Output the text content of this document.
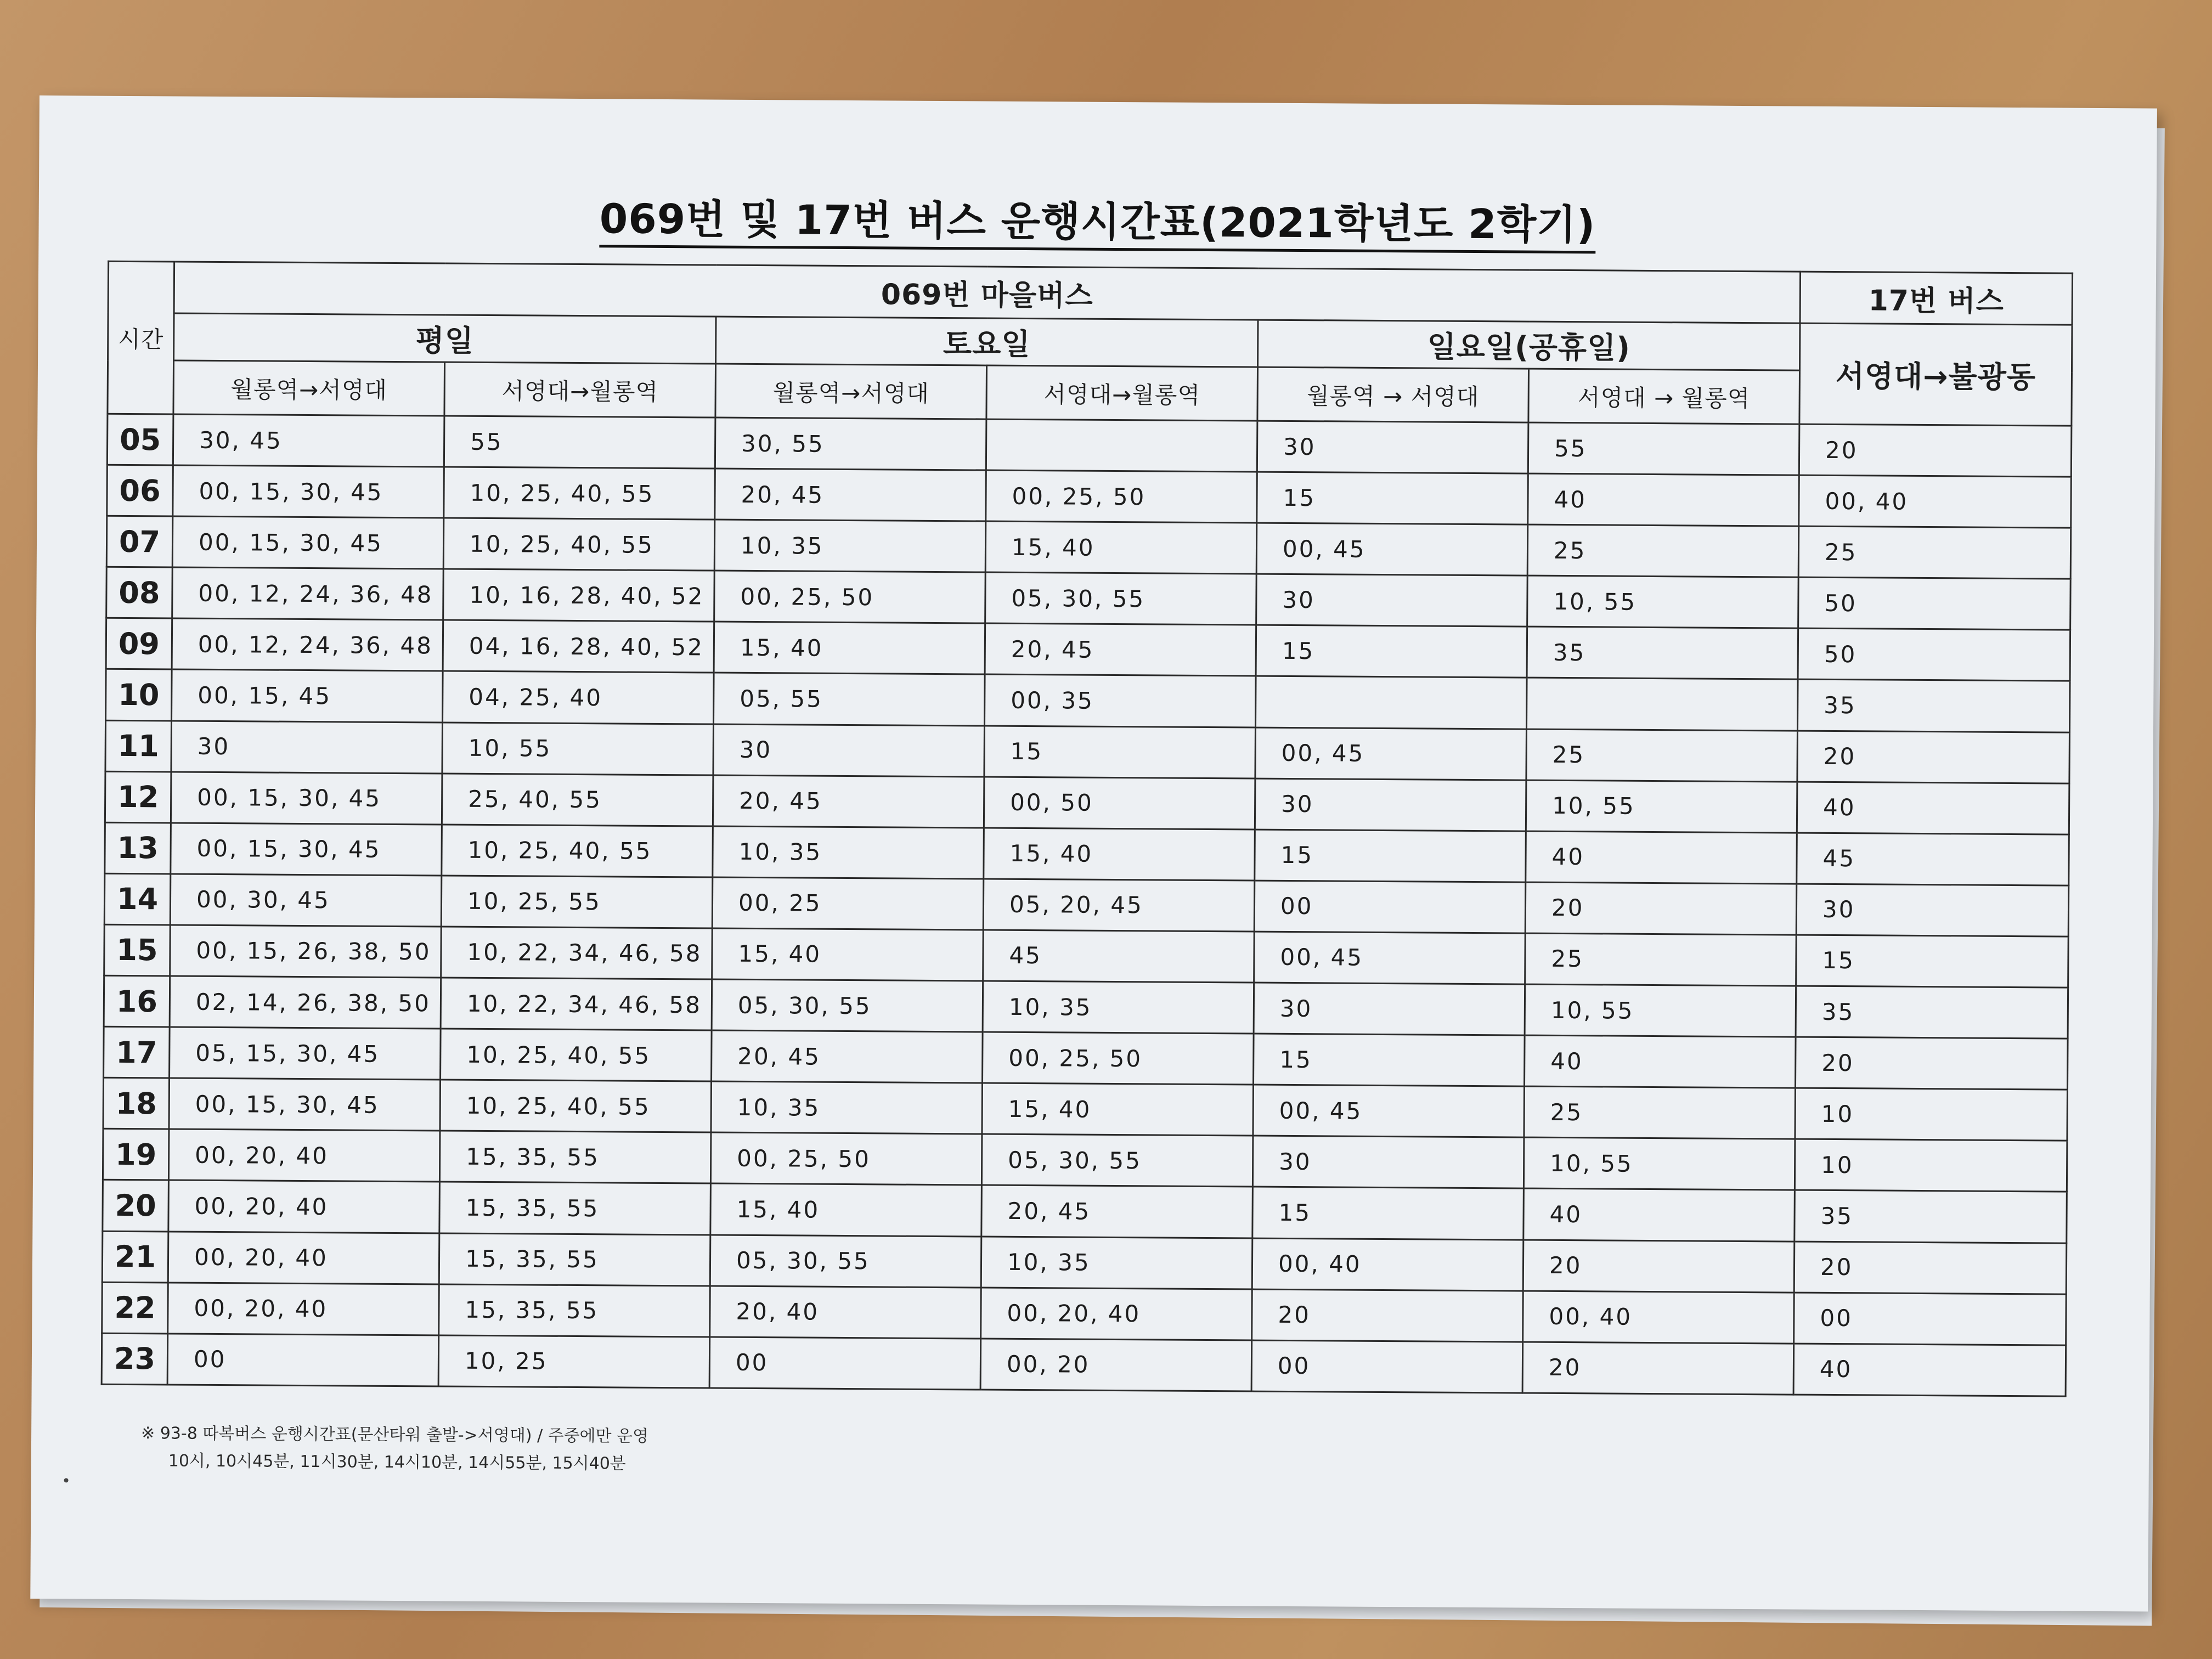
069번 및 17번 버스 운행시간표(2021학년도 2학기)
시간	069번 마을버스						17번 버스
	평일		토요일		일요일(공휴일)		서영대→불광동
	월롱역→서영대	서영대→월롱역	월롱역→서영대	서영대→월롱역	월롱역 → 서영대	서영대 → 월롱역	
05	30, 45	55	30, 55		30	55	20
06	00, 15, 30, 45	10, 25, 40, 55	20, 45	00, 25, 50	15	40	00, 40
07	00, 15, 30, 45	10, 25, 40, 55	10, 35	15, 40	00, 45	25	25
08	00, 12, 24, 36, 48	10, 16, 28, 40, 52	00, 25, 50	05, 30, 55	30	10, 55	50
09	00, 12, 24, 36, 48	04, 16, 28, 40, 52	15, 40	20, 45	15	35	50
10	00, 15, 45	04, 25, 40	05, 55	00, 35			35
11	30	10, 55	30	15	00, 45	25	20
12	00, 15, 30, 45	25, 40, 55	20, 45	00, 50	30	10, 55	40
13	00, 15, 30, 45	10, 25, 40, 55	10, 35	15, 40	15	40	45
14	00, 30, 45	10, 25, 55	00, 25	05, 20, 45	00	20	30
15	00, 15, 26, 38, 50	10, 22, 34, 46, 58	15, 40	45	00, 45	25	15
16	02, 14, 26, 38, 50	10, 22, 34, 46, 58	05, 30, 55	10, 35	30	10, 55	35
17	05, 15, 30, 45	10, 25, 40, 55	20, 45	00, 25, 50	15	40	20
18	00, 15, 30, 45	10, 25, 40, 55	10, 35	15, 40	00, 45	25	10
19	00, 20, 40	15, 35, 55	00, 25, 50	05, 30, 55	30	10, 55	10
20	00, 20, 40	15, 35, 55	15, 40	20, 45	15	40	35
21	00, 20, 40	15, 35, 55	05, 30, 55	10, 35	00, 40	20	20
22	00, 20, 40	15, 35, 55	20, 40	00, 20, 40	20	00, 40	00
23	00	10, 25	00	00, 20	00	20	40
※ 93-8 따복버스 운행시간표(문산타워 출발->서영대) / 주중에만 운영
10시, 10시45분, 11시30분, 14시10분, 14시55분, 15시40분
